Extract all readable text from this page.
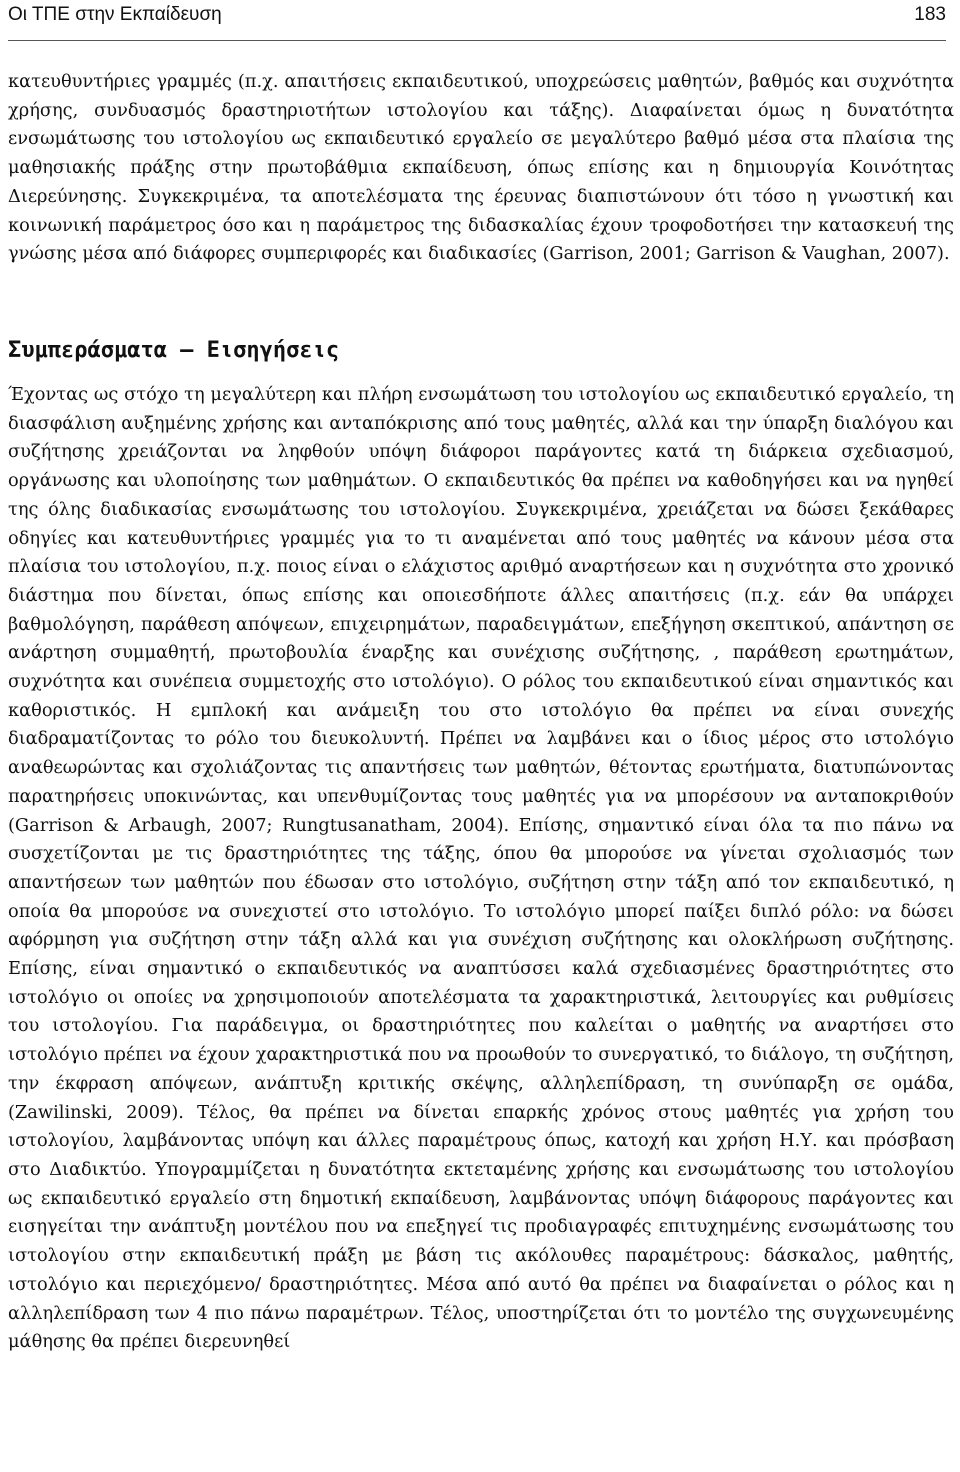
Οι ΤΠΕ στην Εκπαίδευση	183

κατευθυντήριες γραμμές (π.χ. απαιτήσεις εκπαιδευτικού, υποχρεώσεις μαθητών, βαθμός και συχνότητα χρήσης, συνδυασμός δραστηριοτήτων ιστολογίου και τάξης). Διαφαίνεται όμως η δυνατότητα ενσωμάτωσης του ιστολογίου ως εκπαιδευτικό εργαλείο σε μεγαλύτερο βαθμό μέσα στα πλαίσια της μαθησιακής πράξης στην πρωτοβάθμια εκπαίδευση, όπως επίσης και η δημιουργία Κοινότητας Διερεύνησης. Συγκεκριμένα, τα αποτελέσματα της έρευνας διαπιστώνουν ότι τόσο η γνωστική και κοινωνική παράμετρος όσο και η παράμετρος της διδασκαλίας έχουν τροφοδοτήσει την κατασκευή της γνώσης μέσα από διάφορες συμπεριφορές και διαδικασίες (Garrison, 2001; Garrison & Vaughan, 2007).

Συμπεράσματα – Εισηγήσεις

Έχοντας ως στόχο τη μεγαλύτερη και πλήρη ενσωμάτωση του ιστολογίου ως εκπαιδευτικό εργαλείο, τη διασφάλιση αυξημένης χρήσης και ανταπόκρισης από τους μαθητές, αλλά και την ύπαρξη διαλόγου και συζήτησης χρειάζονται να ληφθούν υπόψη διάφοροι παράγοντες κατά τη διάρκεια σχεδιασμού, οργάνωσης και υλοποίησης των μαθημάτων. Ο εκπαιδευτικός θα πρέπει να καθοδηγήσει και να ηγηθεί της όλης διαδικασίας ενσωμάτωσης του ιστολογίου. Συγκεκριμένα, χρειάζεται να δώσει ξεκάθαρες οδηγίες και κατευθυντήριες γραμμές για το τι αναμένεται από τους μαθητές να κάνουν μέσα στα πλαίσια του ιστολογίου, π.χ. ποιος είναι ο ελάχιστος αριθμό αναρτήσεων και η συχνότητα στο χρονικό διάστημα που δίνεται, όπως επίσης και οποιεσδήποτε άλλες απαιτήσεις (π.χ. εάν θα υπάρχει βαθμολόγηση, παράθεση απόψεων, επιχειρημάτων, παραδειγμάτων, επεξήγηση σκεπτικού, απάντηση σε ανάρτηση συμμαθητή, πρωτοβουλία έναρξης και συνέχισης συζήτησης, , παράθεση ερωτημάτων, συχνότητα και συνέπεια συμμετοχής στο ιστολόγιο). Ο ρόλος του εκπαιδευτικού είναι σημαντικός και καθοριστικός. Η εμπλοκή και ανάμειξη του στο ιστολόγιο θα πρέπει να είναι συνεχής διαδραματίζοντας το ρόλο του διευκολυντή. Πρέπει να λαμβάνει και ο ίδιος μέρος στο ιστολόγιο αναθεωρώντας και σχολιάζοντας τις απαντήσεις των μαθητών, θέτοντας ερωτήματα, διατυπώνοντας παρατηρήσεις υποκινώντας, και υπενθυμίζοντας τους μαθητές για να μπορέσουν να ανταποκριθούν (Garrison & Arbaugh, 2007; Rungtusanatham, 2004). Επίσης, σημαντικό είναι όλα τα πιο πάνω να συσχετίζονται με τις δραστηριότητες της τάξης, όπου θα μπορούσε να γίνεται σχολιασμός των απαντήσεων των μαθητών που έδωσαν στο ιστολόγιο, συζήτηση στην τάξη από τον εκπαιδευτικό, η οποία θα μπορούσε να συνεχιστεί στο ιστολόγιο. Το ιστολόγιο μπορεί παίξει διπλό ρόλο: να δώσει αφόρμηση για συζήτηση στην τάξη αλλά και για συνέχιση συζήτησης και ολοκλήρωση συζήτησης. Επίσης, είναι σημαντικό ο εκπαιδευτικός να αναπτύσσει καλά σχεδιασμένες δραστηριότητες στο ιστολόγιο οι οποίες να χρησιμοποιούν αποτελέσματα τα χαρακτηριστικά, λειτουργίες και ρυθμίσεις του ιστολογίου. Για παράδειγμα, οι δραστηριότητες που καλείται ο μαθητής να αναρτήσει στο ιστολόγιο πρέπει να έχουν χαρακτηριστικά που να προωθούν το συνεργατικό, το διάλογο, τη συζήτηση, την έκφραση απόψεων, ανάπτυξη κριτικής σκέψης, αλληλεπίδραση, τη συνύπαρξη σε ομάδα, (Zawilinski, 2009). Τέλος, θα πρέπει να δίνεται επαρκής χρόνος στους μαθητές για χρήση του ιστολογίου, λαμβάνοντας υπόψη και άλλες παραμέτρους όπως, κατοχή και χρήση Η.Υ. και πρόσβαση στο Διαδικτύο. Υπογραμμίζεται η δυνατότητα εκτεταμένης χρήσης και ενσωμάτωσης του ιστολογίου ως εκπαιδευτικό εργαλείο στη δημοτική εκπαίδευση, λαμβάνοντας υπόψη διάφορους παράγοντες και εισηγείται την ανάπτυξη μοντέλου που να επεξηγεί τις προδιαγραφές επιτυχημένης ενσωμάτωσης του ιστολογίου στην εκπαιδευτική πράξη με βάση τις ακόλουθες παραμέτρους: δάσκαλος, μαθητής, ιστολόγιο και περιεχόμενο/ δραστηριότητες. Μέσα από αυτό θα πρέπει να διαφαίνεται ο ρόλος και η αλληλεπίδραση των 4 πιο πάνω παραμέτρων. Τέλος, υποστηρίζεται ότι το μοντέλο της συγχωνευμένης μάθησης θα πρέπει διερευνηθεί
